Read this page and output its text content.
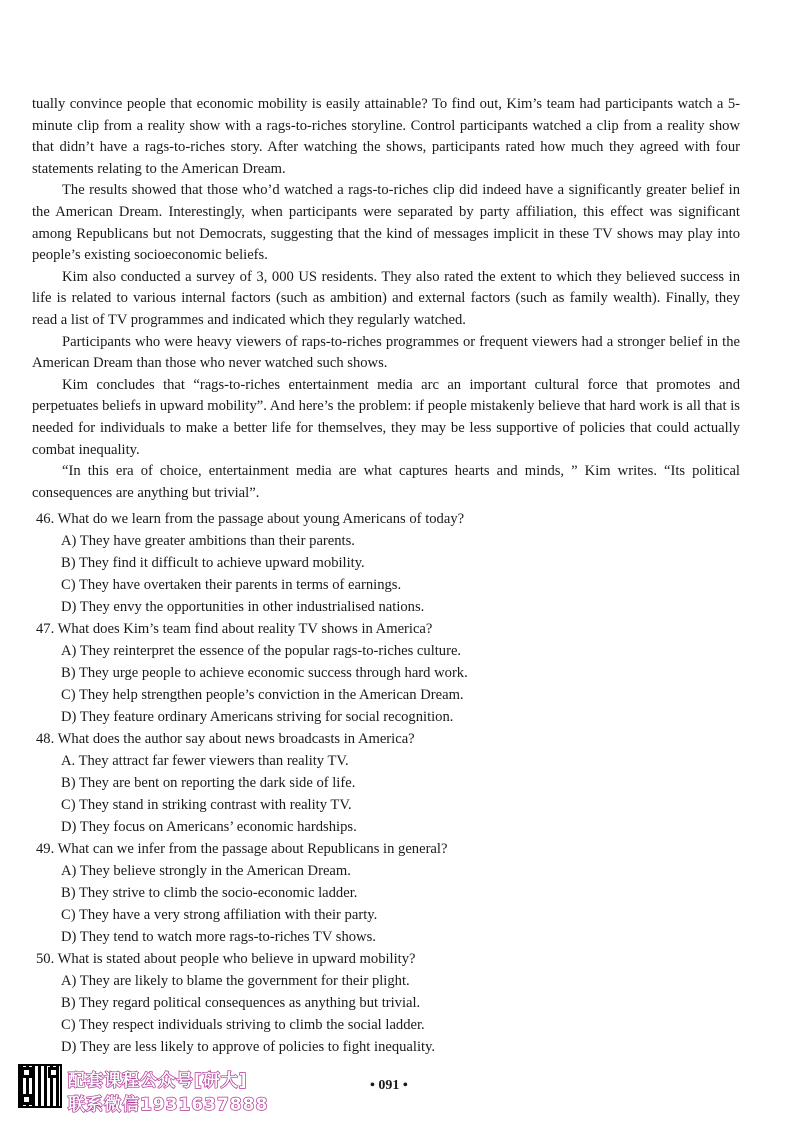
tually convince people that economic mobility is easily attainable? To find out, Kim’s team had participants watch a 5-minute clip from a reality show with a rags-to-riches storyline. Control participants watched a clip from a reality show that didn’t have a rags-to-riches story. After watching the shows, participants rated how much they agreed with four statements relating to the American Dream.

The results showed that those who’d watched a rags-to-riches clip did indeed have a significantly greater belief in the American Dream. Interestingly, when participants were separated by party affiliation, this effect was significant among Republicans but not Democrats, suggesting that the kind of messages implicit in these TV shows may play into people’s existing socioeconomic beliefs.

Kim also conducted a survey of 3, 000 US residents. They also rated the extent to which they believed success in life is related to various internal factors (such as ambition) and external factors (such as family wealth). Finally, they read a list of TV programmes and indicated which they regularly watched.

Participants who were heavy viewers of raps-to-riches programmes or frequent viewers had a stronger belief in the American Dream than those who never watched such shows.

Kim concludes that “rags-to-riches entertainment media arc an important cultural force that promotes and perpetuates beliefs in upward mobility”. And here’s the problem: if people mistakenly believe that hard work is all that is needed for individuals to make a better life for themselves, they may be less supportive of policies that could actually combat inequality.

“In this era of choice, entertainment media are what captures hearts and minds, ” Kim writes. “Its political consequences are anything but trivial”.

46. What do we learn from the passage about young Americans of today?

A) They have greater ambitions than their parents.

B) They find it difficult to achieve upward mobility.

C) They have overtaken their parents in terms of earnings.

D) They envy the opportunities in other industrialised nations.

47. What does Kim’s team find about reality TV shows in America?

A) They reinterpret the essence of the popular rags-to-riches culture.

B) They urge people to achieve economic success through hard work.

C) They help strengthen people’s conviction in the American Dream.

D) They feature ordinary Americans striving for social recognition.

48. What does the author say about news broadcasts in America?

A. They attract far fewer viewers than reality TV.

B) They are bent on reporting the dark side of life.

C) They stand in striking contrast with reality TV.

D) They focus on Americans’ economic hardships.

49. What can we infer from the passage about Republicans in general?

A) They believe strongly in the American Dream.

B) They strive to climb the socio-economic ladder.

C) They have a very strong affiliation with their party.

D) They tend to watch more rags-to-riches TV shows.

50. What is stated about people who believe in upward mobility?

A) They are likely to blame the government for their plight.

B) They regard political consequences as anything but trivial.

C) They respect individuals striving to climb the social ladder.

D) They are less likely to approve of policies to fight inequality.

配套课程公众号[研大]
联系微信1931637888
• 091 •
